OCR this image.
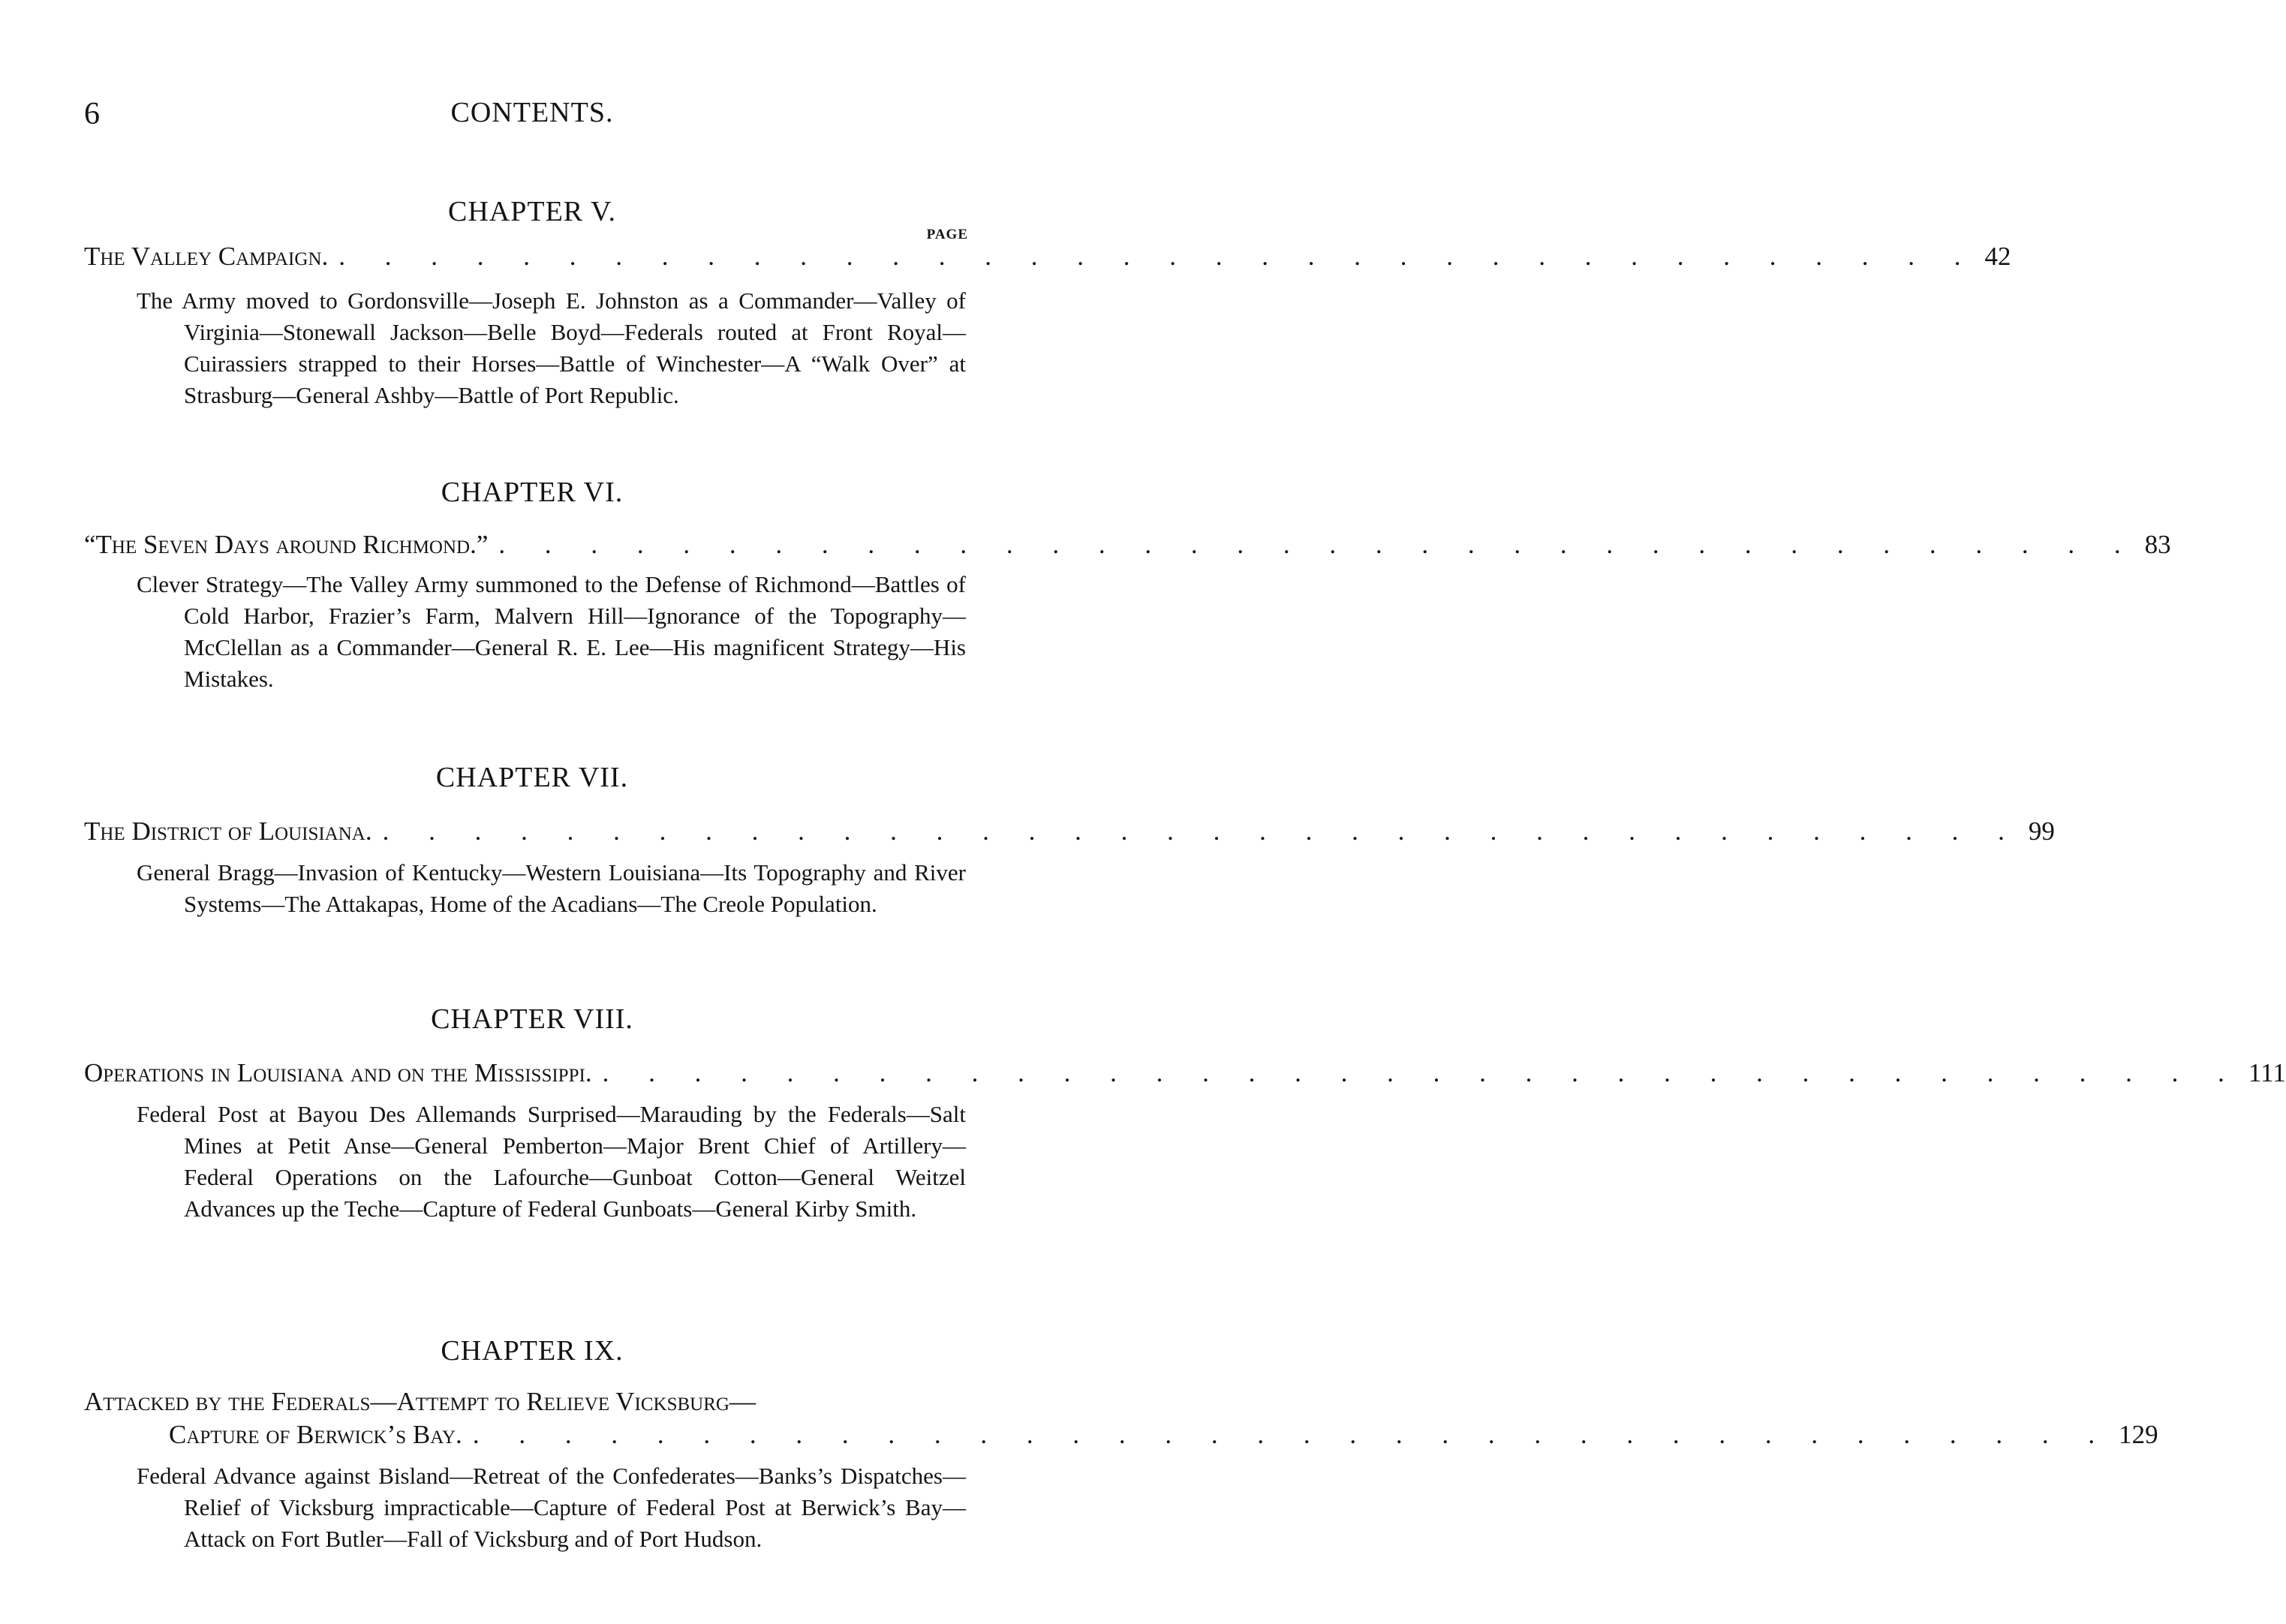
6	CONTENTS.
CHAPTER V.
PAGE
The Valley Campaign. . . . . . . . . . . . . . . . . . . . . . . . . . . . . . . . . . . . . 42
The Army moved to Gordonsville—Joseph E. Johnston as a Commander—Valley of Virginia—Stonewall Jackson—Belle Boyd—Federals routed at Front Royal—Cuirassiers strapped to their Horses—Battle of Winchester—A “Walk Over” at Strasburg—General Ashby—Battle of Port Republic.
CHAPTER VI.
“The Seven Days around Richmond.” . . . . . . . . . . . . . . . . . . . . . . . . . . . . . . . . . . . . 83
Clever Strategy—The Valley Army summoned to the Defense of Richmond—Battles of Cold Harbor, Frazier’s Farm, Malvern Hill—Ignorance of the Topography—McClellan as a Commander—General R. E. Lee—His magnificent Strategy—His Mistakes.
CHAPTER VII.
The District of Louisiana. . . . . . . . . . . . . . . . . . . . . . . . . . . . . . . . . . . . . 99
General Bragg—Invasion of Kentucky—Western Louisiana—Its Topography and River Systems—The Attakapas, Home of the Acadians—The Creole Population.
CHAPTER VIII.
Operations in Louisiana and on the Mississippi. . . . . . . . . . . . . . . . . . . . . . . . . . . . . . . . . . . . . 111
Federal Post at Bayou Des Allemands Surprised—Marauding by the Federals—Salt Mines at Petit Anse—General Pemberton—Major Brent Chief of Artillery—Federal Operations on the Lafourche—Gunboat Cotton—General Weitzel Advances up the Teche—Capture of Federal Gunboats—General Kirby Smith.
CHAPTER IX.
Attacked by the Federals—Attempt to Relieve Vicksburg—
Capture of Berwick’s Bay. . . . . . . . . . . . . . . . . . . . . . . . . . . . . . . . . . . . . 129
Federal Advance against Bisland—Retreat of the Confederates—Banks’s Dispatches—Relief of Vicksburg impracticable—Capture of Federal Post at Berwick’s Bay—Attack on Fort Butler—Fall of Vicksburg and of Port Hudson.
